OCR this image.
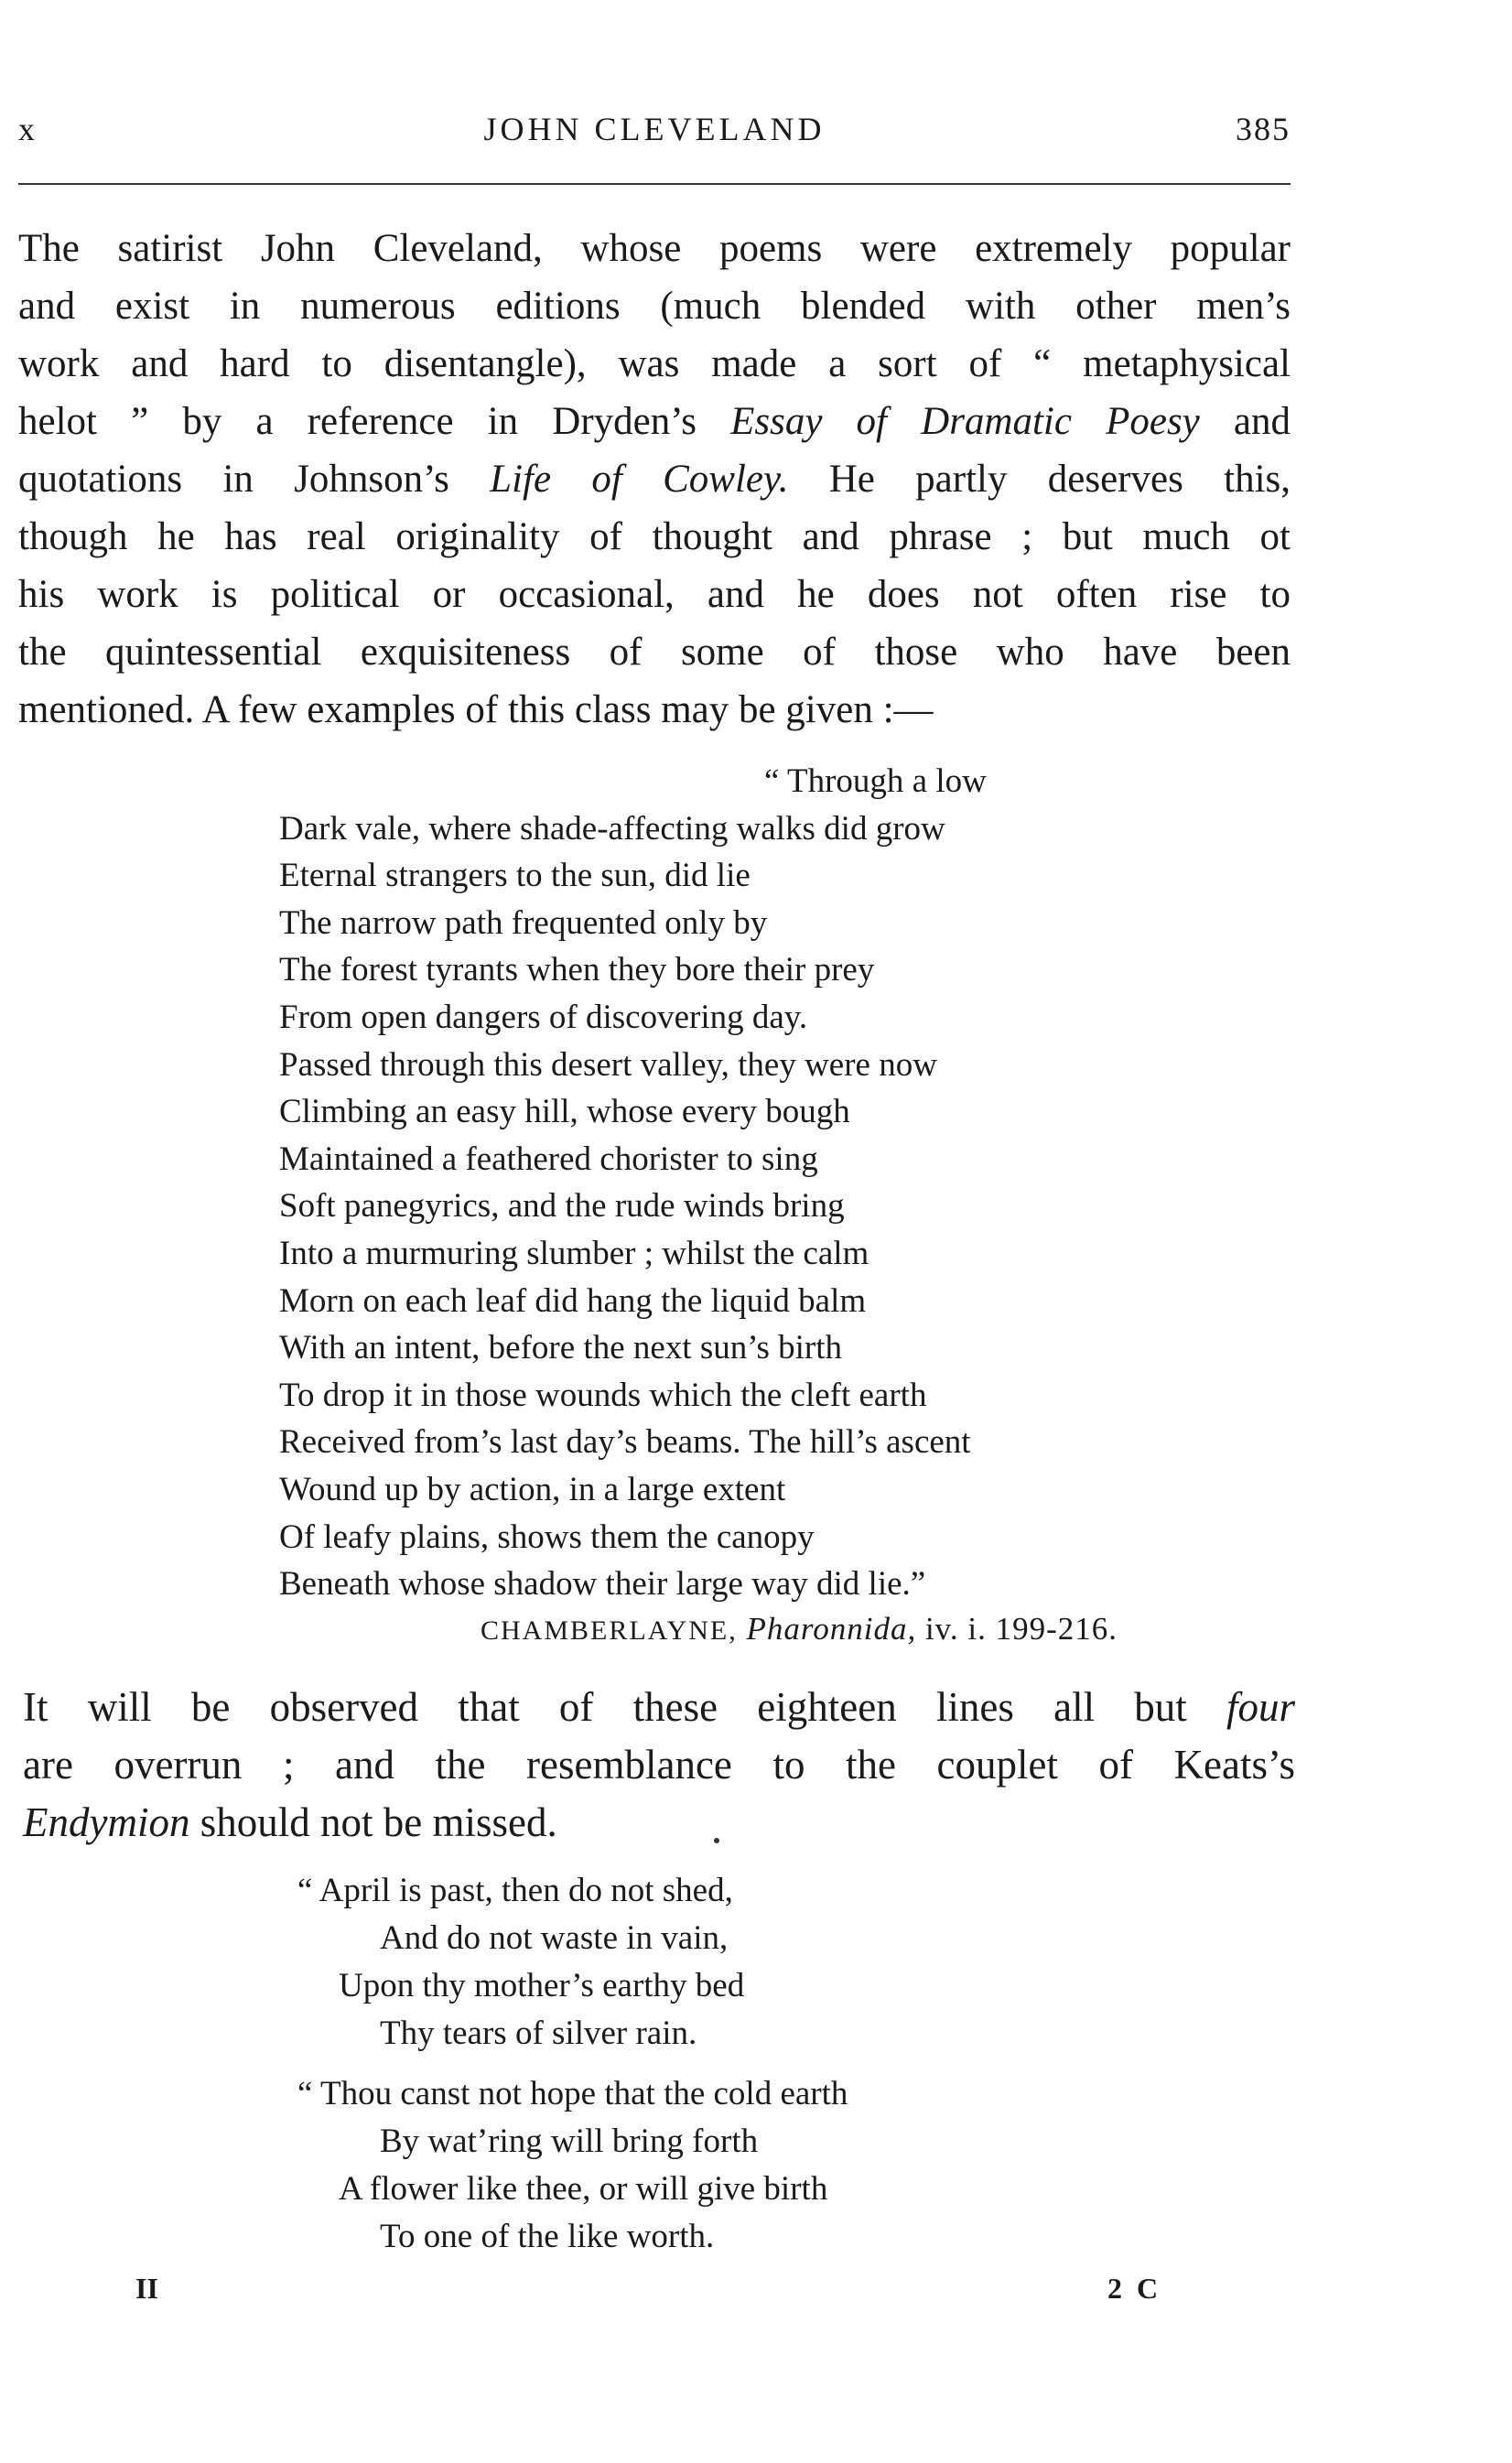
x	JOHN CLEVELAND	385
The satirist John Cleveland, whose poems were extremely popular
and exist in numerous editions (much blended with other men’s
work and hard to disentangle), was made a sort of “ metaphysical
helot ” by a reference in Dryden’s Essay of Dramatic Poesy and
quotations in Johnson’s Life of Cowley. He partly deserves this,
though he has real originality of thought and phrase ; but much ot
his work is political or occasional, and he does not often rise to
the quintessential exquisiteness of some of those who have been
mentioned. A few examples of this class may be given :—
“ Through a low
Dark vale, where shade-affecting walks did grow
Eternal strangers to the sun, did lie
The narrow path frequented only by
The forest tyrants when they bore their prey
From open dangers of discovering day.
Passed through this desert valley, they were now
Climbing an easy hill, whose every bough
Maintained a feathered chorister to sing
Soft panegyrics, and the rude winds bring
Into a murmuring slumber ; whilst the calm
Morn on each leaf did hang the liquid balm
With an intent, before the next sun’s birth
To drop it in those wounds which the cleft earth
Received from’s last day’s beams. The hill’s ascent
Wound up by action, in a large extent
Of leafy plains, shows them the canopy
Beneath whose shadow their large way did lie.”
CHAMBERLAYNE, Pharonnida, iv. i. 199-216.
It will be observed that of these eighteen lines all but four
are overrun ; and the resemblance to the couplet of Keats’s
Endymion should not be missed.
“ April is past, then do not shed,
And do not waste in vain,
Upon thy mother’s earthy bed
Thy tears of silver rain.
“ Thou canst not hope that the cold earth
By wat’ring will bring forth
A flower like thee, or will give birth
To one of the like worth.
II	2 C
